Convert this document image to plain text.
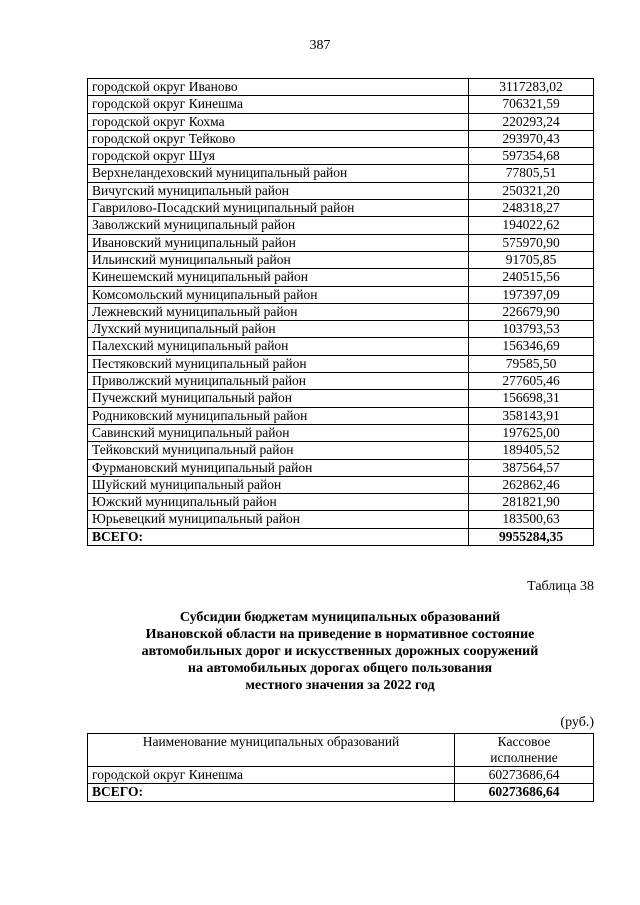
387
городской округ Иваново	3117283,02
городской округ Кинешма	706321,59
городской округ Кохма	220293,24
городской округ Тейково	293970,43
городской округ Шуя	597354,68
Верхнеландеховский муниципальный район	77805,51
Вичугский муниципальный район	250321,20
Гаврилово-Посадский муниципальный район	248318,27
Заволжский муниципальный район	194022,62
Ивановский муниципальный район	575970,90
Ильинский муниципальный район	91705,85
Кинешемский муниципальный район	240515,56
Комсомольский муниципальный район	197397,09
Лежневский муниципальный район	226679,90
Лухский муниципальный район	103793,53
Палехский муниципальный район	156346,69
Пестяковский муниципальный район	79585,50
Приволжский муниципальный район	277605,46
Пучежский муниципальный район	156698,31
Родниковский муниципальный район	358143,91
Савинский муниципальный район	197625,00
Тейковский муниципальный район	189405,52
Фурмановский муниципальный район	387564,57
Шуйский муниципальный район	262862,46
Южский муниципальный район	281821,90
Юрьевецкий муниципальный район	183500,63
ВСЕГО:	9955284,35
Таблица 38
Субсидии бюджетам муниципальных образований
Ивановской области на приведение в нормативное состояние
автомобильных дорог и искусственных дорожных сооружений
на автомобильных дорогах общего пользования
местного значения за 2022 год
(руб.)
Наименование муниципальных образований	Кассовое
исполнение

городской округ Кинешма	60273686,64
ВСЕГО:	60273686,64
